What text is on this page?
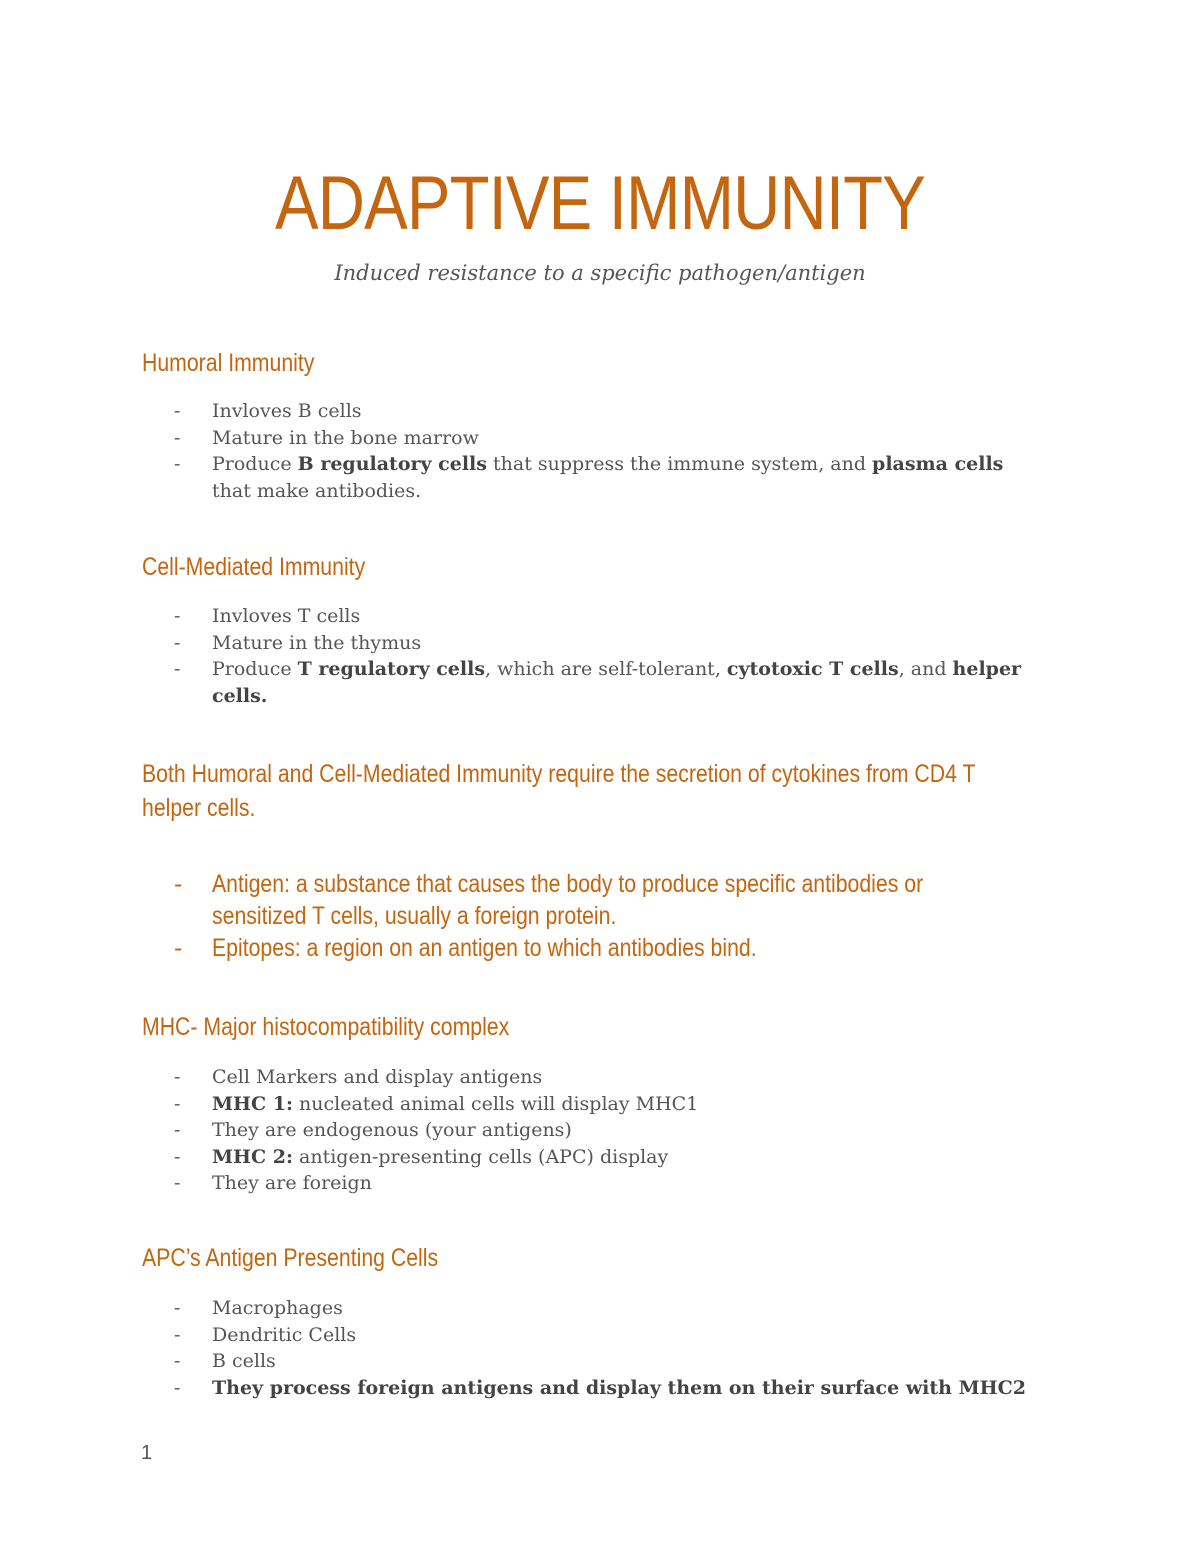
ADAPTIVE IMMUNITY
Induced resistance to a specific pathogen/antigen
Humoral Immunity
- Invloves B cells
- Mature in the bone marrow
- Produce B regulatory cells that suppress the immune system, and plasma cells
that make antibodies.
Cell-Mediated Immunity
- Invloves T cells
- Mature in the thymus
- Produce T regulatory cells, which are self-tolerant, cytotoxic T cells, and helper
cells.
Both Humoral and Cell-Mediated Immunity require the secretion of cytokines from CD4 T
helper cells.
- Antigen: a substance that causes the body to produce specific antibodies or
sensitized T cells, usually a foreign protein.
- Epitopes: a region on an antigen to which antibodies bind.
MHC- Major histocompatibility complex
- Cell Markers and display antigens
- MHC 1: nucleated animal cells will display MHC1
- They are endogenous (your antigens)
- MHC 2: antigen-presenting cells (APC) display
- They are foreign
APC’s Antigen Presenting Cells
- Macrophages
- Dendritic Cells
- B cells
- They process foreign antigens and display them on their surface with MHC2
1
